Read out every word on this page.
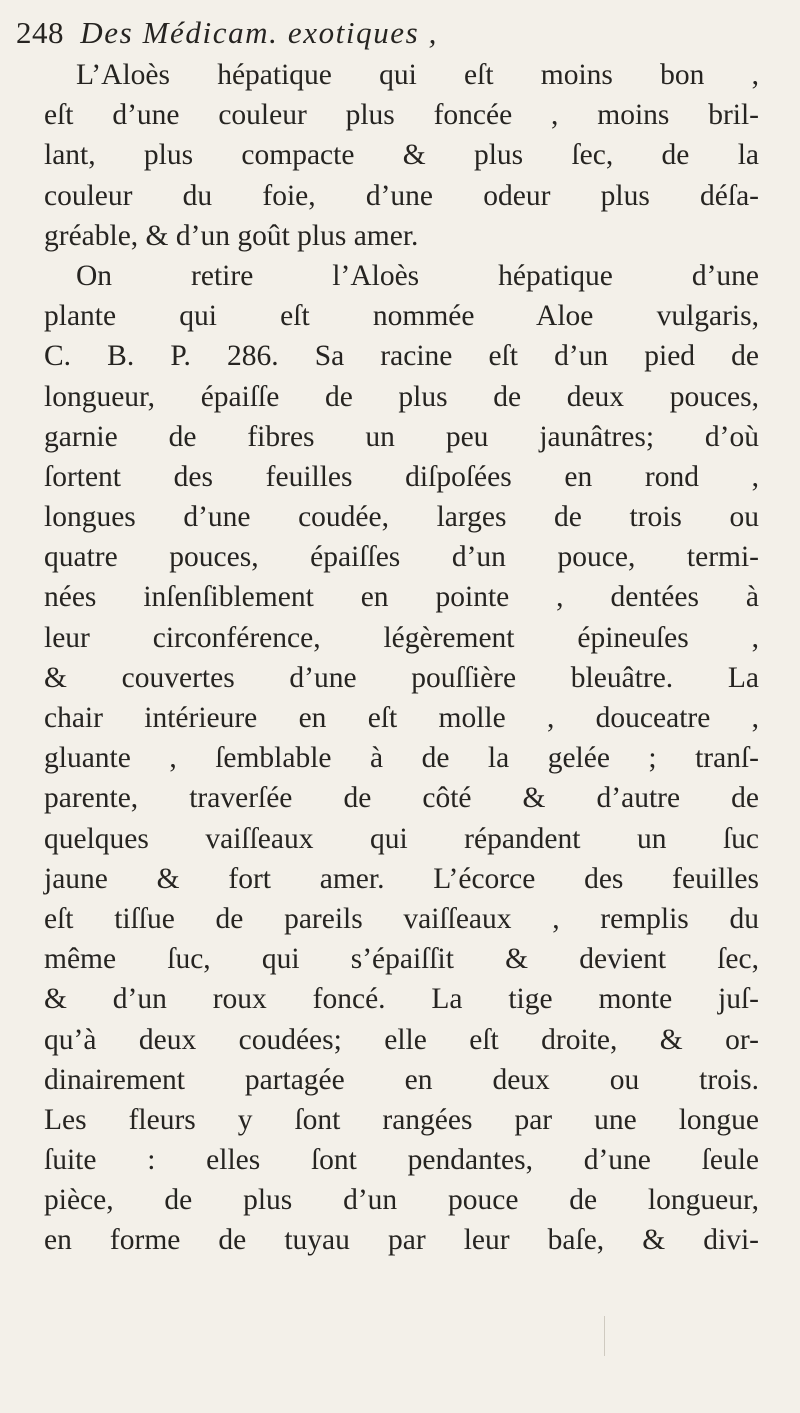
248 Des Médicam. exotiques ,
L’Aloès hépatique qui eſt moins bon ,
eſt d’une couleur plus foncée , moins bril-
lant, plus compacte & plus ſec, de la
couleur du foie, d’une odeur plus déſa-
gréable, & d’un goût plus amer.
On retire l’Aloès hépatique d’une
plante qui eſt nommée Aloe vulgaris,
C. B. P. 286. Sa racine eſt d’un pied de
longueur, épaiſſe de plus de deux pouces,
garnie de fibres un peu jaunâtres; d’où
ſortent des feuilles diſpoſées en rond ,
longues d’une coudée, larges de trois ou
quatre pouces, épaiſſes d’un pouce, termi-
nées inſenſiblement en pointe , dentées à
leur circonférence, légèrement épineuſes ,
& couvertes d’une pouſſière bleuâtre. La
chair intérieure en eſt molle , douceatre ,
gluante , ſemblable à de la gelée ; tranſ-
parente, traverſée de côté & d’autre de
quelques vaiſſeaux qui répandent un ſuc
jaune & fort amer. L’écorce des feuilles
eſt tiſſue de pareils vaiſſeaux , remplis du
même ſuc, qui s’épaiſſit & devient ſec,
& d’un roux foncé. La tige monte juſ-
qu’à deux coudées; elle eſt droite, & or-
dinairement partagée en deux ou trois.
Les fleurs y ſont rangées par une longue
ſuite : elles ſont pendantes, d’une ſeule
pièce, de plus d’un pouce de longueur,
en forme de tuyau par leur baſe, & divi-
